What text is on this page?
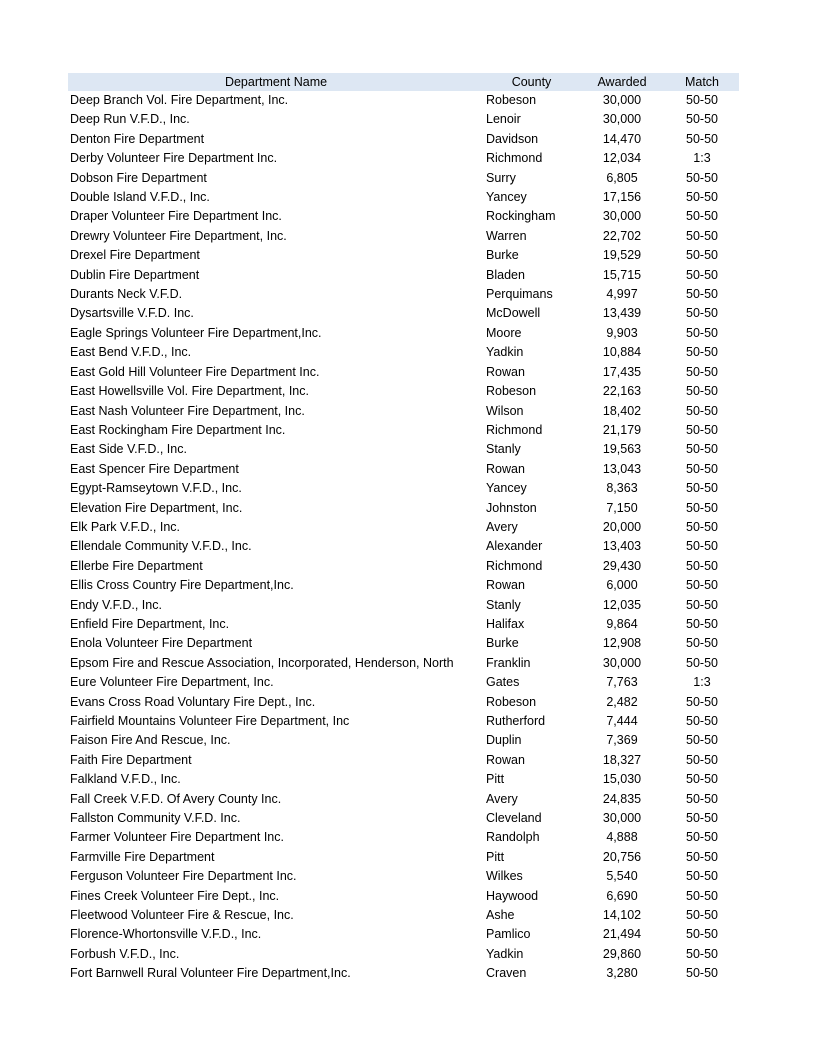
Department Name	County	Awarded	Match
Deep Branch Vol. Fire Department, Inc.	Robeson	30,000	50-50
Deep Run V.F.D., Inc.	Lenoir	30,000	50-50
Denton Fire Department	Davidson	14,470	50-50
Derby Volunteer Fire Department Inc.	Richmond	12,034	1:3
Dobson Fire Department	Surry	6,805	50-50
Double Island V.F.D., Inc.	Yancey	17,156	50-50
Draper Volunteer Fire Department Inc.	Rockingham	30,000	50-50
Drewry Volunteer Fire Department, Inc.	Warren	22,702	50-50
Drexel Fire Department	Burke	19,529	50-50
Dublin Fire Department	Bladen	15,715	50-50
Durants Neck V.F.D.	Perquimans	4,997	50-50
Dysartsville V.F.D. Inc.	McDowell	13,439	50-50
Eagle Springs Volunteer Fire Department,Inc.	Moore	9,903	50-50
East Bend V.F.D., Inc.	Yadkin	10,884	50-50
East Gold Hill Volunteer Fire Department Inc.	Rowan	17,435	50-50
East Howellsville Vol. Fire Department, Inc.	Robeson	22,163	50-50
East Nash Volunteer Fire Department, Inc.	Wilson	18,402	50-50
East Rockingham Fire Department Inc.	Richmond	21,179	50-50
East Side V.F.D., Inc.	Stanly	19,563	50-50
East Spencer Fire Department	Rowan	13,043	50-50
Egypt-Ramseytown V.F.D., Inc.	Yancey	8,363	50-50
Elevation Fire Department, Inc.	Johnston	7,150	50-50
Elk Park V.F.D., Inc.	Avery	20,000	50-50
Ellendale Community V.F.D., Inc.	Alexander	13,403	50-50
Ellerbe Fire Department	Richmond	29,430	50-50
Ellis Cross Country Fire Department,Inc.	Rowan	6,000	50-50
Endy V.F.D., Inc.	Stanly	12,035	50-50
Enfield Fire Department, Inc.	Halifax	9,864	50-50
Enola Volunteer Fire Department	Burke	12,908	50-50
Epsom Fire and Rescue Association, Incorporated, Henderson, North	Franklin	30,000	50-50
Eure Volunteer Fire Department, Inc.	Gates	7,763	1:3
Evans Cross Road Voluntary Fire Dept., Inc.	Robeson	2,482	50-50
Fairfield Mountains Volunteer Fire Department, Inc	Rutherford	7,444	50-50
Faison Fire And Rescue, Inc.	Duplin	7,369	50-50
Faith Fire Department	Rowan	18,327	50-50
Falkland V.F.D., Inc.	Pitt	15,030	50-50
Fall Creek V.F.D. Of Avery County Inc.	Avery	24,835	50-50
Fallston Community V.F.D. Inc.	Cleveland	30,000	50-50
Farmer Volunteer Fire Department Inc.	Randolph	4,888	50-50
Farmville Fire Department	Pitt	20,756	50-50
Ferguson Volunteer Fire Department Inc.	Wilkes	5,540	50-50
Fines Creek Volunteer Fire Dept., Inc.	Haywood	6,690	50-50
Fleetwood Volunteer Fire & Rescue, Inc.	Ashe	14,102	50-50
Florence-Whortonsville V.F.D., Inc.	Pamlico	21,494	50-50
Forbush V.F.D., Inc.	Yadkin	29,860	50-50
Fort Barnwell Rural Volunteer Fire Department,Inc.	Craven	3,280	50-50
